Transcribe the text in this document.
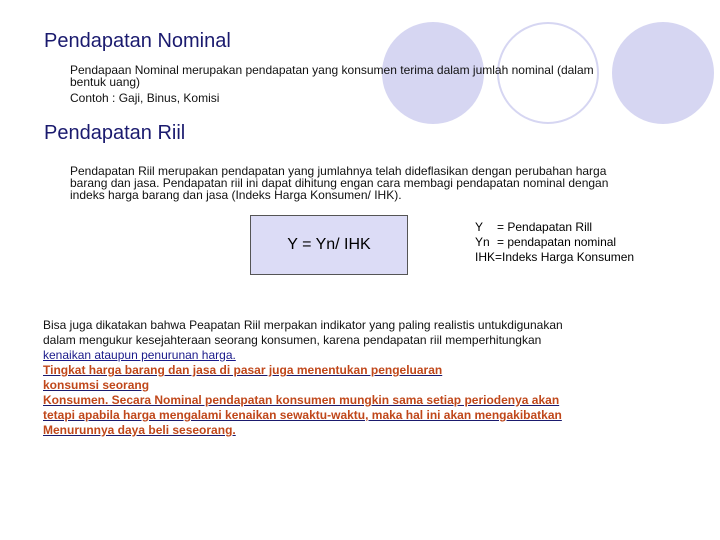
Pendapatan Nominal
Pendapaan Nominal merupakan pendapatan yang konsumen terima dalam jumlah nominal (dalam
bentuk uang)
Contoh : Gaji, Binus, Komisi
Pendapatan Riil
Pendapatan Riil merupakan pendapatan yang jumlahnya telah dideflasikan dengan perubahan harga
barang dan jasa. Pendapatan riil ini dapat dihitung engan cara membagi pendapatan nominal dengan
indeks harga barang dan jasa (Indeks Harga Konsumen/ IHK).
Y = Yn/ IHK
Y = Pendapatan Rill
Yn = pendapatan nominal
IHK=Indeks Harga Konsumen
Bisa juga dikatakan bahwa Peapatan Riil merpakan indikator yang paling realistis untukdigunakan
dalam mengukur kesejahteraan seorang konsumen, karena pendapatan riil memperhitungkan
kenaikan ataupun penurunan harga.
Tingkat harga barang dan jasa di pasar juga menentukan pengeluaran
konsumsi seorang
Konsumen. Secara Nominal pendapatan konsumen mungkin sama setiap periodenya akan
tetapi apabila harga mengalami kenaikan sewaktu-waktu, maka hal ini akan mengakibatkan
Menurunnya daya beli seseorang.
